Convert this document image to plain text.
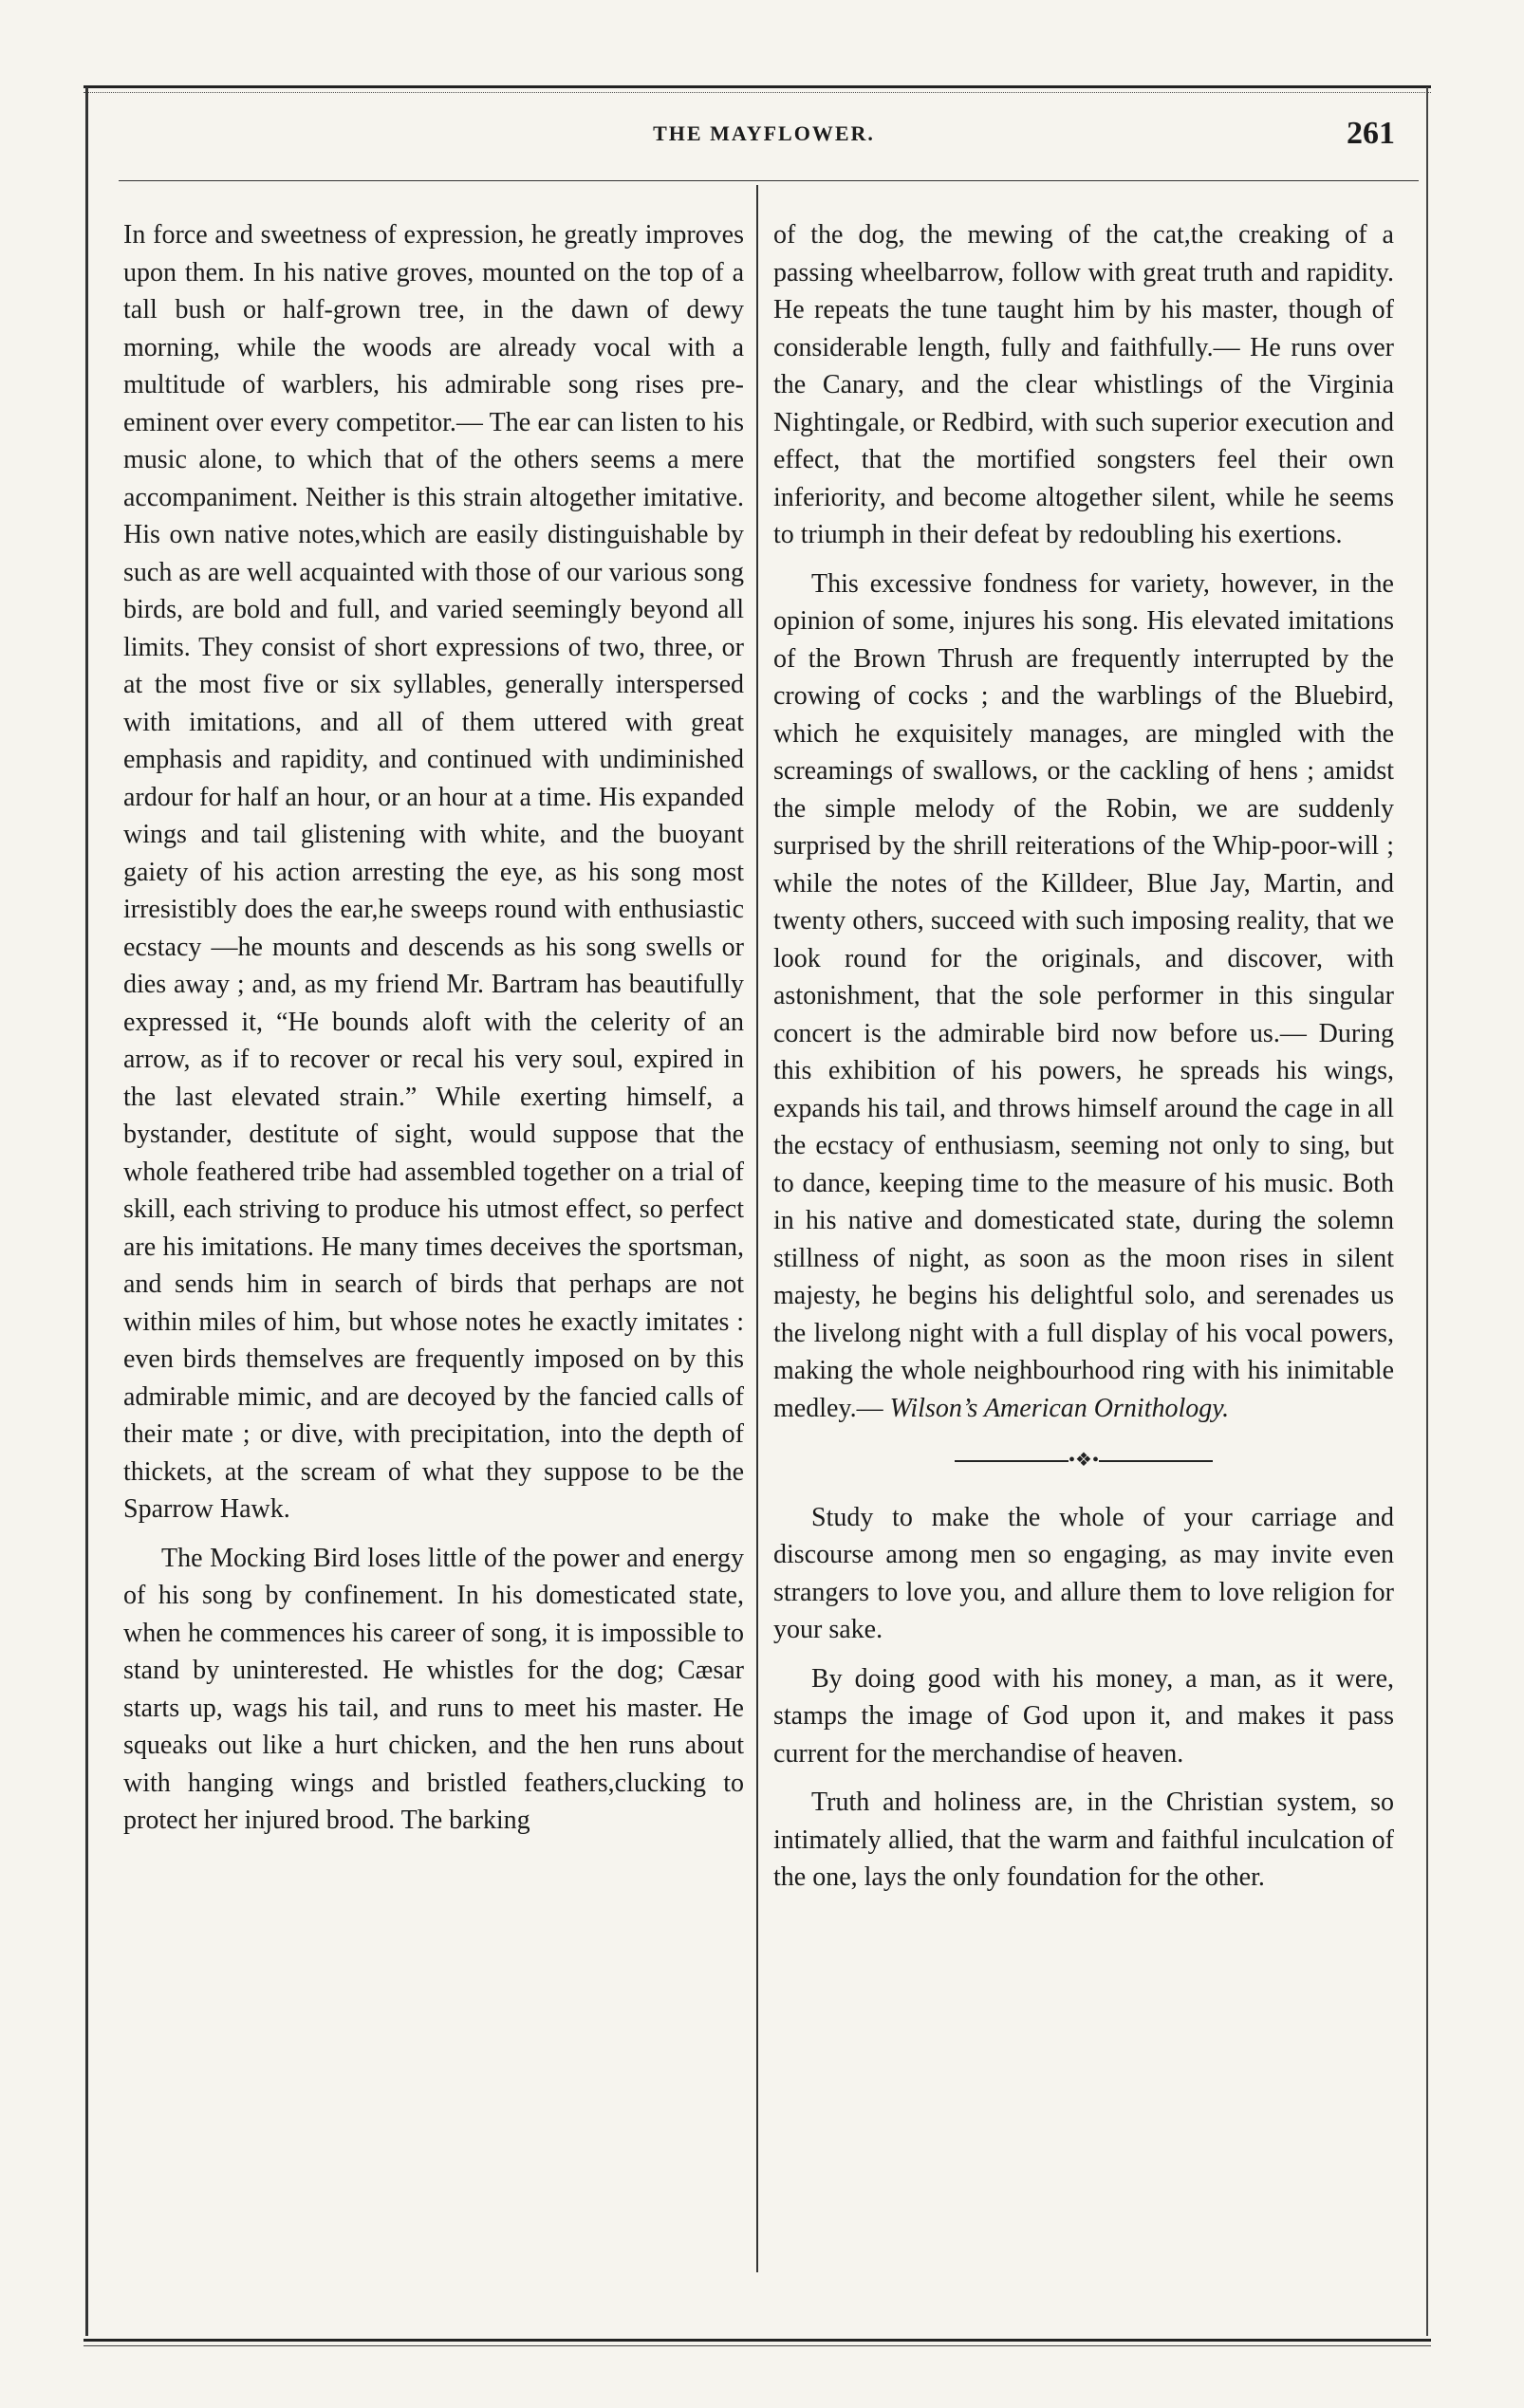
THE MAYFLOWER.	261

In force and sweetness of expression, he greatly improves upon them. In his native groves, mounted on the top of a tall bush or half-grown tree, in the dawn of dewy morning, while the woods are already vocal with a multitude of warblers, his admirable song rises pre-eminent over every competitor.— The ear can listen to his music alone, to which that of the others seems a mere accompaniment. Neither is this strain altogether imitative. His own native notes,which are easily distinguishable by such as are well acquainted with those of our various song birds, are bold and full, and varied seemingly beyond all limits. They consist of short expressions of two, three, or at the most five or six syllables, generally interspersed with imitations, and all of them uttered with great emphasis and rapidity, and continued with undiminished ardour for half an hour, or an hour at a time. His expanded wings and tail glistening with white, and the buoyant gaiety of his action arresting the eye, as his song most irresistibly does the ear,he sweeps round with enthusiastic ecstacy —he mounts and descends as his song swells or dies away ; and, as my friend Mr. Bartram has beautifully expressed it, “He bounds aloft with the celerity of an arrow, as if to recover or recal his very soul, expired in the last elevated strain.” While exerting himself, a bystander, destitute of sight, would suppose that the whole feathered tribe had assembled together on a trial of skill, each striving to produce his utmost effect, so perfect are his imitations. He many times deceives the sportsman, and sends him in search of birds that perhaps are not within miles of him, but whose notes he exactly imitates : even birds themselves are frequently imposed on by this admirable mimic, and are decoyed by the fancied calls of their mate ; or dive, with precipitation, into the depth of thickets, at the scream of what they suppose to be the Sparrow Hawk.

The Mocking Bird loses little of the power and energy of his song by confinement. In his domesticated state, when he commences his career of song, it is impossible to stand by uninterested. He whistles for the dog; Cæsar starts up, wags his tail, and runs to meet his master. He squeaks out like a hurt chicken, and the hen runs about with hanging wings and bristled feathers,clucking to protect her injured brood. The barking

of the dog, the mewing of the cat,the creaking of a passing wheelbarrow, follow with great truth and rapidity. He repeats the tune taught him by his master, though of considerable length, fully and faithfully.— He runs over the Canary, and the clear whistlings of the Virginia Nightingale, or Redbird, with such superior execution and effect, that the mortified songsters feel their own inferiority, and become altogether silent, while he seems to triumph in their defeat by redoubling his exertions.

This excessive fondness for variety, however, in the opinion of some, injures his song. His elevated imitations of the Brown Thrush are frequently interrupted by the crowing of cocks ; and the warblings of the Bluebird, which he exquisitely manages, are mingled with the screamings of swallows, or the cackling of hens ; amidst the simple melody of the Robin, we are suddenly surprised by the shrill reiterations of the Whip-poor-will ; while the notes of the Killdeer, Blue Jay, Martin, and twenty others, succeed with such imposing reality, that we look round for the originals, and discover, with astonishment, that the sole performer in this singular concert is the admirable bird now before us.— During this exhibition of his powers, he spreads his wings, expands his tail, and throws himself around the cage in all the ecstacy of enthusiasm, seeming not only to sing, but to dance, keeping time to the measure of his music. Both in his native and domesticated state, during the solemn stillness of night, as soon as the moon rises in silent majesty, he begins his delightful solo, and serenades us the livelong night with a full display of his vocal powers, making the whole neighbourhood ring with his inimitable medley.— Wilson’s American Ornithology.

•❖•

Study to make the whole of your carriage and discourse among men so engaging, as may invite even strangers to love you, and allure them to love religion for your sake.

By doing good with his money, a man, as it were, stamps the image of God upon it, and makes it pass current for the merchandise of heaven.

Truth and holiness are, in the Christian system, so intimately allied, that the warm and faithful inculcation of the one, lays the only foundation for the other.
